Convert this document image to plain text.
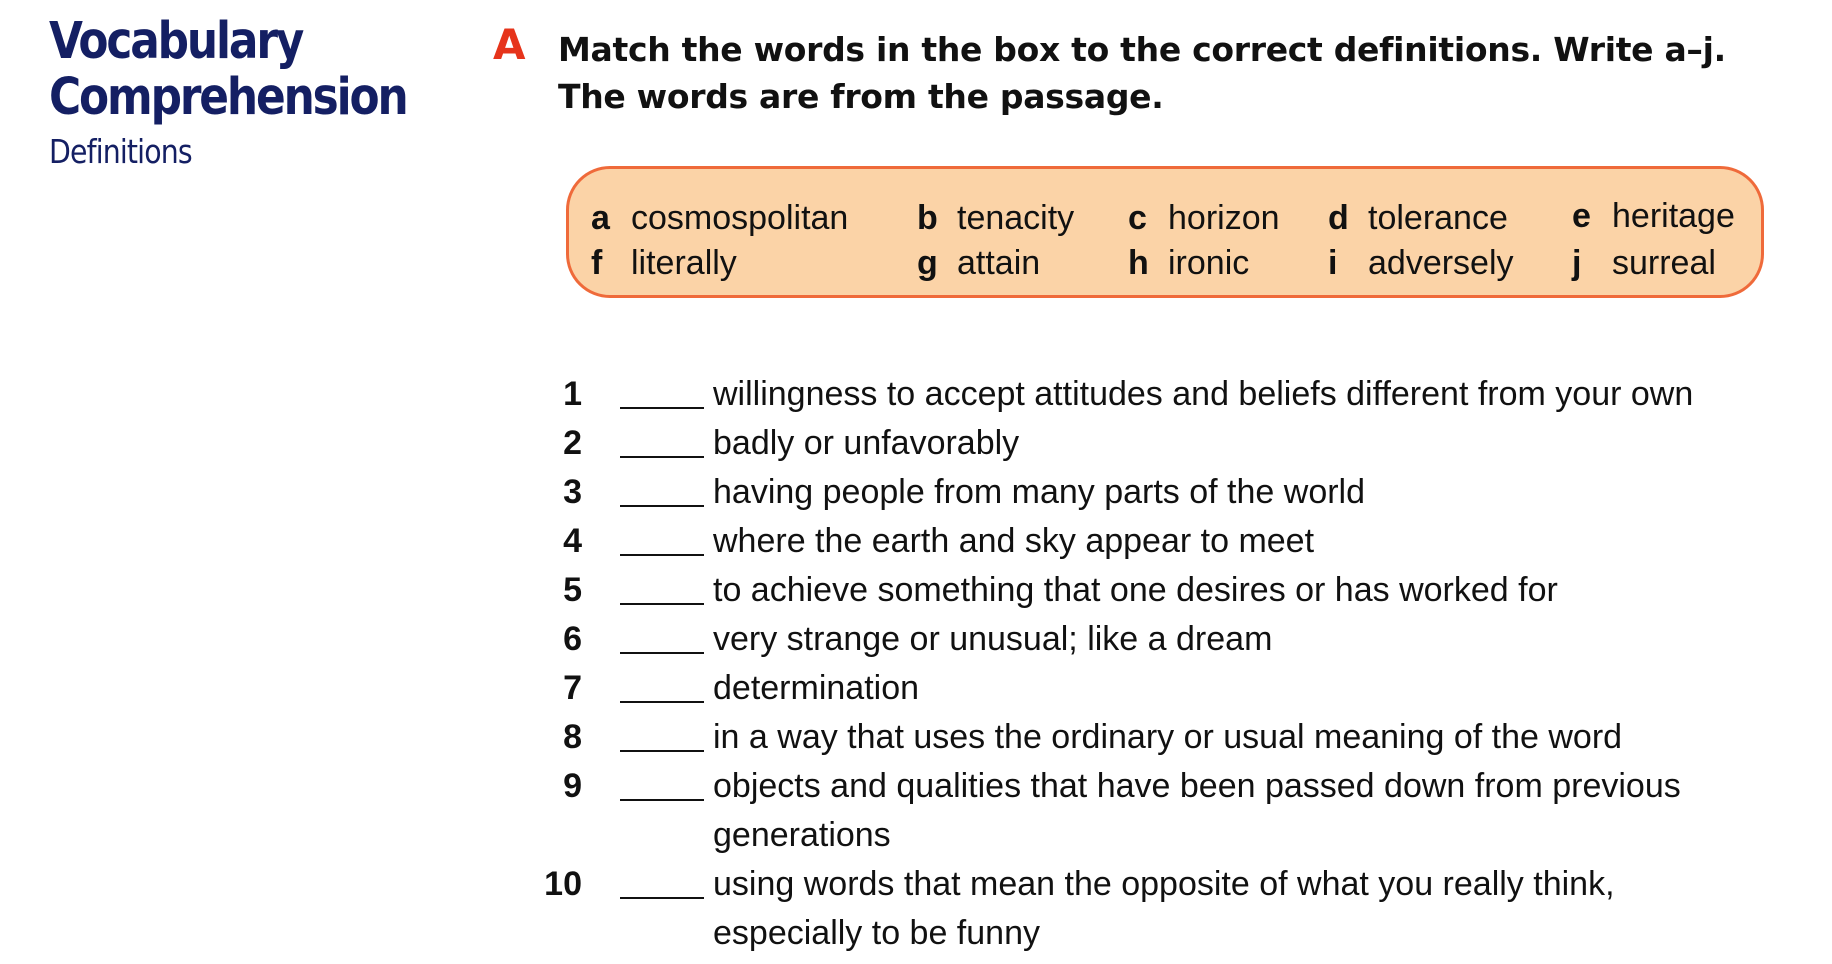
Vocabulary
Comprehension
Definitions
A Match the words in the box to the correct definitions. Write a–j.
The words are from the passage.
a cosmospolitan b tenacity c horizon d tolerance e heritage
f literally	g attain	h ironic i adversely j surreal
1	willingness to accept attitudes and beliefs different from your own
2	badly or unfavorably
3	having people from many parts of the world
4	where the earth and sky appear to meet
5	to achieve something that one desires or has worked for
6	very strange or unusual; like a dream
7	determination
8	in a way that uses the ordinary or usual meaning of the word
9	objects and qualities that have been passed down from previous
generations
10	using words that mean the opposite of what you really think,
especially to be funny
